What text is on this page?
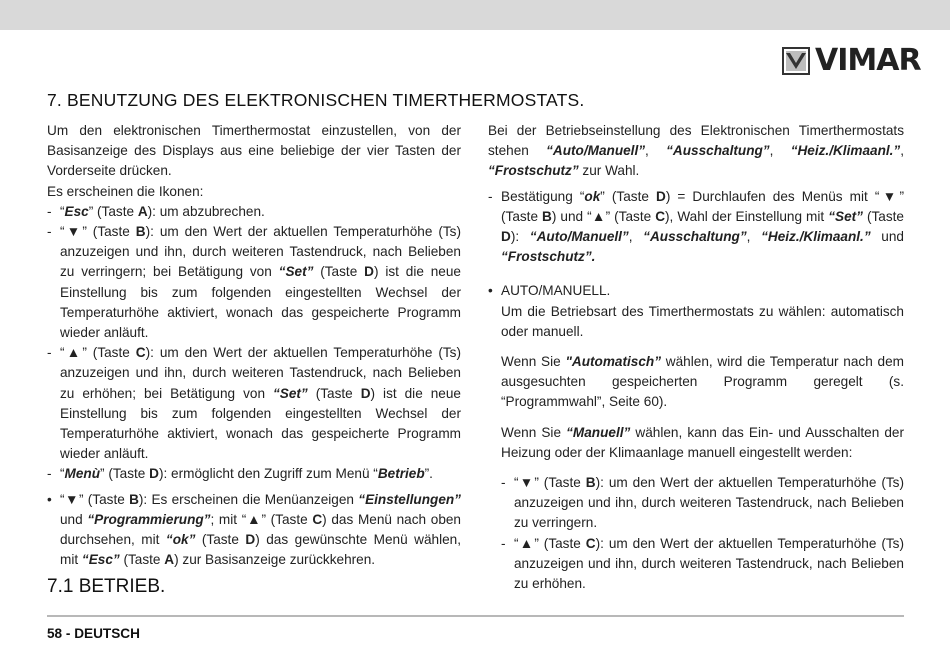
VIMAR
7. BENUTZUNG DES ELEKTRONISCHEN TIMERTHERMOSTATS.

Um den elektronischen Timerthermostat einzustellen, von der Basisanzeige des Displays aus eine beliebige der vier Tasten der Vorderseite drücken.

Es erscheinen die Ikonen:

- “Esc” (Taste A): um abzubrechen.
- “▼” (Taste B): um den Wert der aktuellen Temperaturhöhe (Ts) anzuzeigen und ihn, durch weiteren Tastendruck, nach Belieben zu verringern; bei Betätigung von “Set” (Taste D) ist die neue Einstellung bis zum folgenden eingestellten Wechsel der Temperaturhöhe aktiviert, wonach das gespeicherte Programm wieder anläuft.
- “▲” (Taste C): um den Wert der aktuellen Temperaturhöhe (Ts) anzuzeigen und ihn, durch weiteren Tastendruck, nach Belieben zu erhöhen; bei Betätigung von “Set” (Taste D) ist die neue Einstellung bis zum folgenden eingestellten Wechsel der Temperaturhöhe aktiviert, wonach das gespeicherte Programm wieder anläuft.
- “Menù” (Taste D): ermöglicht den Zugriff zum Menü “Betrieb”.
• “▼” (Taste B): Es erscheinen die Menüanzeigen “Einstellungen” und “Programmierung”; mit “▲” (Taste C) das Menü nach oben durchsehen, mit “ok” (Taste D) das gewünschte Menü wählen, mit “Esc” (Taste A) zur Basisanzeige zurückkehren.
7.1 BETRIEB.

Bei der Betriebseinstellung des Elektronischen Timerthermostats stehen “Auto/Manuell”, “Ausschaltung”, “Heiz./Klimaanl.”, “Frostschutz” zur Wahl.

- Bestätigung “ok” (Taste D) = Durchlaufen des Menüs mit “▼” (Taste B) und “▲” (Taste C), Wahl der Einstellung mit “Set” (Taste D): “Auto/Manuell”, “Ausschaltung”, “Heiz./Klimaanl.” und “Frostschutz”.
• AUTO/MANUELL.

Um die Betriebsart des Timerthermostats zu wählen: automatisch oder manuell.

Wenn Sie "Automatisch” wählen, wird die Temperatur nach dem ausgesuchten gespeicherten Programm geregelt (s. “Programmwahl”, Seite 60).

Wenn Sie “Manuell” wählen, kann das Ein- und Ausschalten der Heizung oder der Klimaanlage manuell eingestellt werden:

- “▼” (Taste B): um den Wert der aktuellen Temperaturhöhe (Ts) anzuzeigen und ihn, durch weiteren Tastendruck, nach Belieben zu verringern.
- “▲” (Taste C): um den Wert der aktuellen Temperaturhöhe (Ts) anzuzeigen und ihn, durch weiteren Tastendruck, nach Belieben zu erhöhen.
58 - DEUTSCH
